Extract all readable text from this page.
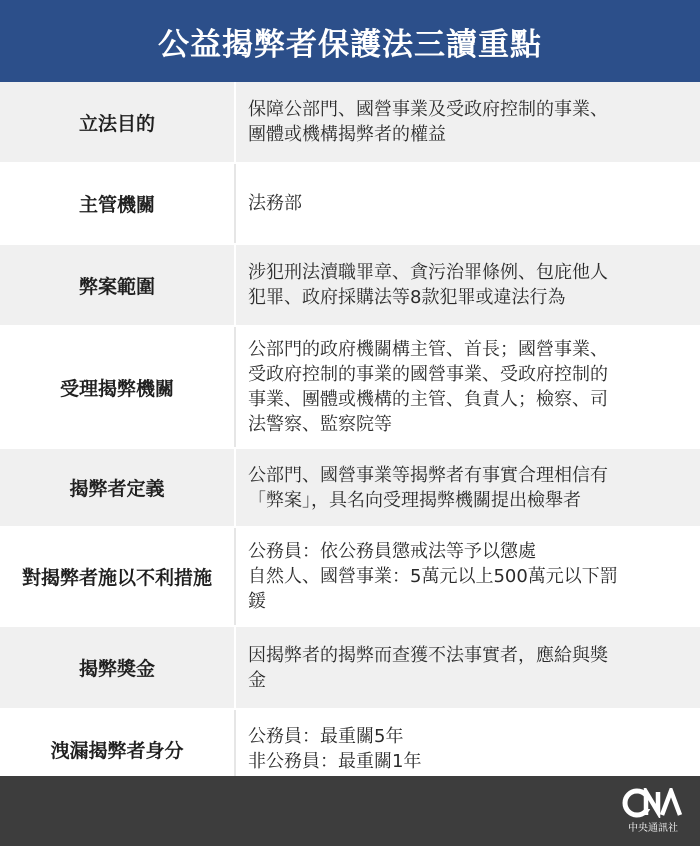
公益揭弊者保護法三讀重點
立法目的
保障公部門、國營事業及受政府控制的事業、
團體或機構揭弊者的權益
主管機關	法務部
弊案範圍
涉犯刑法瀆職罪章、貪污治罪條例、包庇他人
犯罪、政府採購法等8款犯罪或違法行為
受理揭弊機關
公部門的政府機關構主管、首長；國營事業、
受政府控制的事業的國營事業、受政府控制的
事業、團體或機構的主管、負責人；檢察、司
法警察、監察院等
揭弊者定義
公部門、國營事業等揭弊者有事實合理相信有
「弊案」，具名向受理揭弊機關提出檢舉者
對揭弊者施以不利措施
公務員：依公務員懲戒法等予以懲處
自然人、國營事業：5萬元以上500萬元以下罰
鍰
揭弊獎金
因揭弊者的揭弊而查獲不法事實者，應給與獎
金
洩漏揭弊者身分
公務員：最重關5年
非公務員：最重關1年
中央通訊社
